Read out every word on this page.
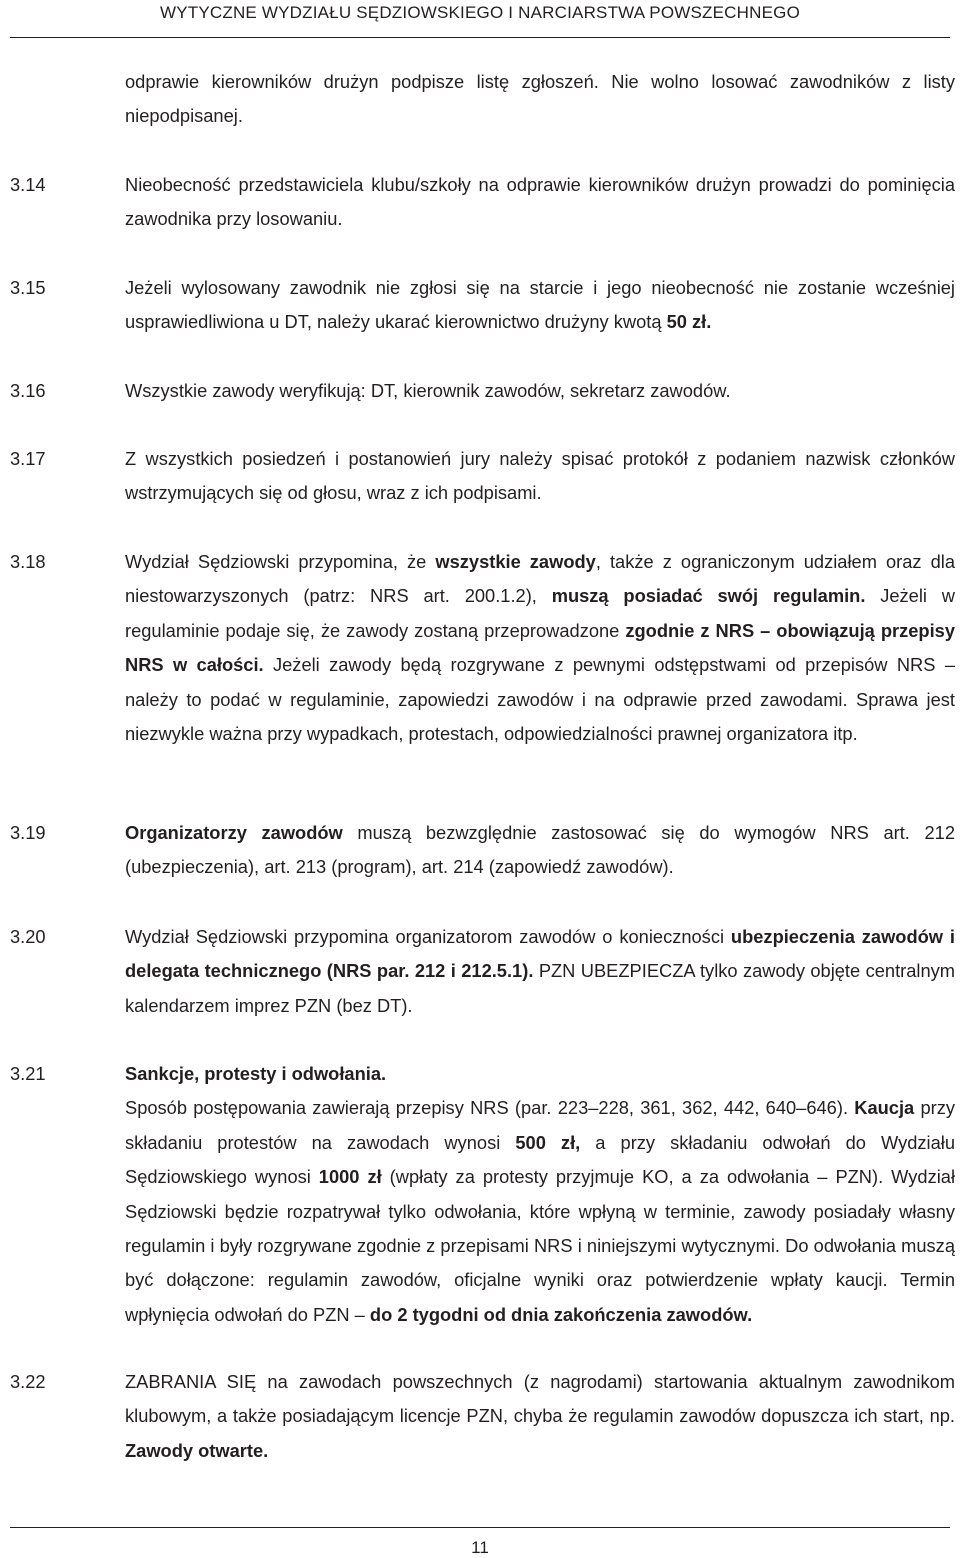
WYTYCZNE WYDZIAŁU SĘDZIOWSKIEGO I NARCIARSTWA POWSZECHNEGO
odprawie kierowników drużyn podpisze listę zgłoszeń. Nie wolno losować zawodników z listy niepodpisanej.
3.14	Nieobecność przedstawiciela klubu/szkoły na odprawie kierowników drużyn prowadzi do pominięcia zawodnika przy losowaniu.
3.15	Jeżeli wylosowany zawodnik nie zgłosi się na starcie i jego nieobecność nie zostanie wcześniej usprawiedliwiona u DT, należy ukarać kierownictwo drużyny kwotą 50 zł.
3.16	Wszystkie zawody weryfikują: DT, kierownik zawodów, sekretarz zawodów.
3.17	Z wszystkich posiedzeń i postanowień jury należy spisać protokół z podaniem nazwisk członków wstrzymujących się od głosu, wraz z ich podpisami.
3.18	Wydział Sędziowski przypomina, że wszystkie zawody, także z ograniczonym udziałem oraz dla niestowarzyszonych (patrz: NRS art. 200.1.2), muszą posiadać swój regulamin. Jeżeli w regulaminie podaje się, że zawody zostaną przeprowadzone zgodnie z NRS – obowiązują przepisy NRS w całości. Jeżeli zawody będą rozgrywane z pewnymi odstępstwami od przepisów NRS – należy to podać w regulaminie, zapowiedzi zawodów i na odprawie przed zawodami. Sprawa jest niezwykle ważna przy wypadkach, protestach, odpowiedzialności prawnej organizatora itp.
3.19	Organizatorzy zawodów muszą bezwzględnie zastosować się do wymogów NRS art. 212 (ubezpieczenia), art. 213 (program), art. 214 (zapowiedź zawodów).
3.20	Wydział Sędziowski przypomina organizatorom zawodów o konieczności ubezpieczenia zawodów i delegata technicznego (NRS par. 212 i 212.5.1). PZN UBEZPIECZA tylko zawody objęte centralnym kalendarzem imprez PZN (bez DT).
3.21	Sankcje, protesty i odwołania.
Sposób postępowania zawierają przepisy NRS (par. 223–228, 361, 362, 442, 640–646). Kaucja przy składaniu protestów na zawodach wynosi 500 zł, a przy składaniu odwołań do Wydziału Sędziowskiego wynosi 1000 zł (wpłaty za protesty przyjmuje KO, a za odwołania – PZN). Wydział Sędziowski będzie rozpatrywał tylko odwołania, które wpłyną w terminie, zawody posiadały własny regulamin i były rozgrywane zgodnie z przepisami NRS i niniejszymi wytycznymi. Do odwołania muszą być dołączone: regulamin zawodów, oficjalne wyniki oraz potwierdzenie wpłaty kaucji. Termin wpłynięcia odwołań do PZN – do 2 tygodni od dnia zakończenia zawodów.
3.22	ZABRANIA SIĘ na zawodach powszechnych (z nagrodami) startowania aktualnym zawodnikom klubowym, a także posiadającym licencje PZN, chyba że regulamin zawodów dopuszcza ich start, np. Zawody otwarte.
11
